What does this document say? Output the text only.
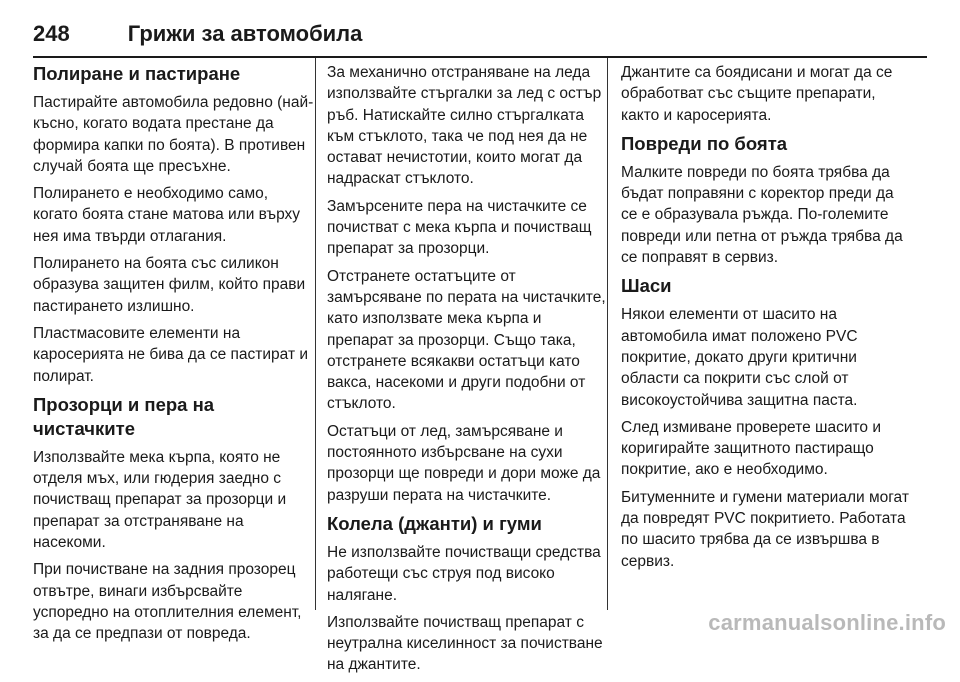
248	Грижи за автомобила
Полиране и пастиране

Пастирайте автомобила редовно (най-късно, когато водата престане да формира капки по боята). В противен случай боята ще пресъхне.

Полирането е необходимо само, когато боята стане матова или върху нея има твърди отлагания.

Полирането на боята със силикон образува защитен филм, който прави пастирането излишно.

Пластмасовите елементи на каросерията не бива да се пастират и полират.

Прозорци и пера на чистачките

Използвайте мека кърпа, която не отделя мъх, или гюдерия заедно с почистващ препарат за прозорци и препарат за отстраняване на насекоми.

При почистване на задния прозорец отвътре, винаги избърсвайте успоредно на отоплителния елемент, за да се предпази от повреда.

За механично отстраняване на леда използвайте стъргалки за лед с остър ръб. Натискайте силно стъргалката към стъклото, така че под нея да не остават нечистотии, които могат да надраскат стъклото.

Замърсените пера на чистачките се почистват с мека кърпа и почистващ препарат за прозорци.

Отстранете остатъците от замърсяване по перата на чистачките, като използвате мека кърпа и препарат за прозорци. Също така, отстранете всякакви остатъци като вакса, насекоми и други подобни от стъклото.

Остатъци от лед, замърсяване и постоянното избърсване на сухи прозорци ще повреди и дори може да разруши перата на чистачките.

Колела (джанти) и гуми

Не използвайте почистващи средства работещи със струя под високо налягане.

Използвайте почистващ препарат с неутрална киселинност за почистване на джантите.

Джантите са боядисани и могат да се обработват със същите препарати, както и каросерията.

Повреди по боята

Малките повреди по боята трябва да бъдат поправяни с коректор преди да се е образувала ръжда. По-големите повреди или петна от ръжда трябва да се поправят в сервиз.

Шаси

Някои елементи от шасито на автомобила имат положено PVC покритие, докато други критични области са покрити със слой от високоустойчива защитна паста.

След измиване проверете шасито и коригирайте защитното пастиращо покритие, ако е необходимо.

Битуменните и гумени материали могат да повредят PVC покритието. Работата по шасито трябва да се извършва в сервиз.

carmanualsonline.info
